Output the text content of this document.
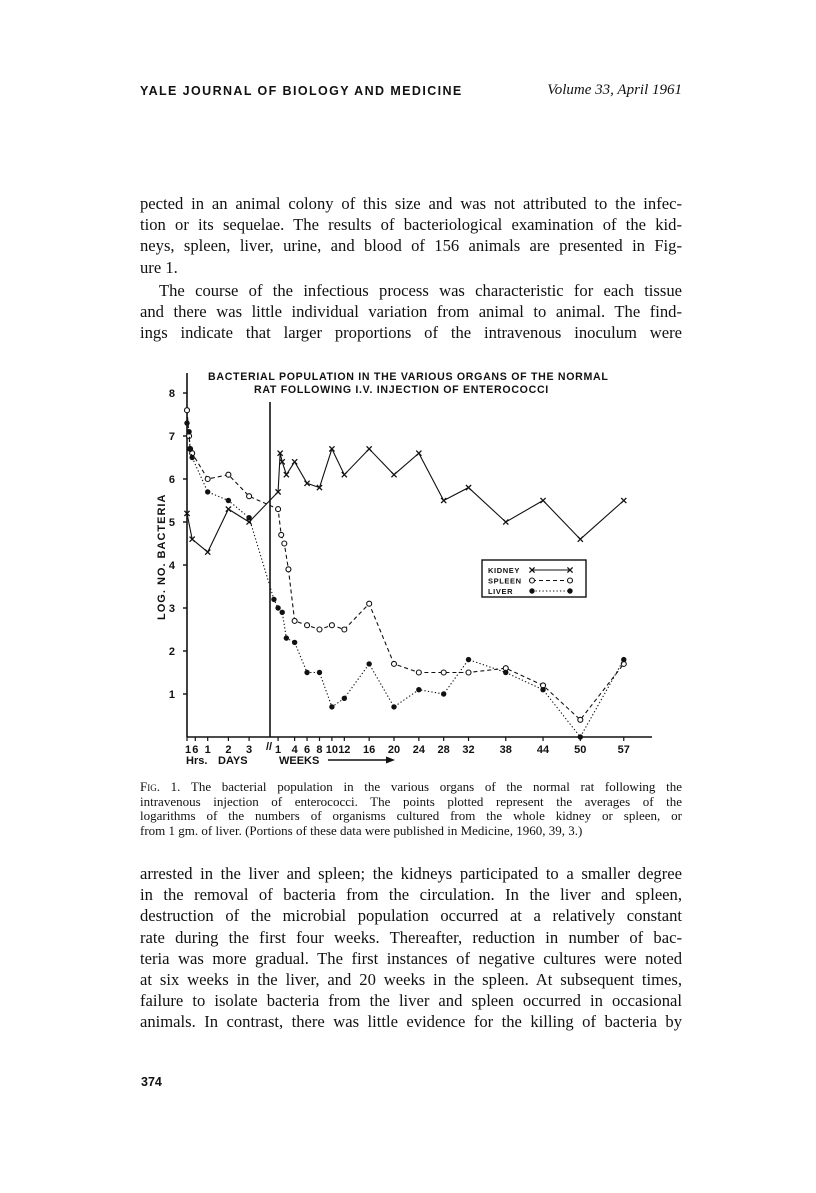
YALE JOURNAL OF BIOLOGY AND MEDICINE	Volume 33, April 1961

pected in an animal colony of this size and was not attributed to the infec-
tion or its sequelae. The results of bacteriological examination of the kid-
neys, spleen, liver, urine, and blood of 156 animals are presented in Fig-
ure 1.

The course of the infectious process was characteristic for each tissue
and there was little individual variation from animal to animal. The find-
ings indicate that larger proportions of the intravenous inoculum were

BACTERIAL POPULATION IN THE VARIOUS ORGANS OF THE NORMAL
RAT FOLLOWING I.V. INJECTION OF ENTEROCOCCI
1
2
3
4
5
6
7
8
1 6 1 2 3 1 4 6 8 10 12 16 20 24 28 32 38 44 50	57
LOG. NO. BACTERIA
Hrs. DAYS	WEEKS
//
KIDNEY
SPLEEN
LIVER

Fig. 1. The bacterial population in the various organs of the normal rat following the
intravenous injection of enterococci. The points plotted represent the averages of the
logarithms of the numbers of organisms cultured from the whole kidney or spleen, or
from 1 gm. of liver. (Portions of these data were published in Medicine, 1960, 39, 3.)

arrested in the liver and spleen; the kidneys participated to a smaller degree
in the removal of bacteria from the circulation. In the liver and spleen,
destruction of the microbial population occurred at a relatively constant
rate during the first four weeks. Thereafter, reduction in number of bac-
teria was more gradual. The first instances of negative cultures were noted
at six weeks in the liver, and 20 weeks in the spleen. At subsequent times,
failure to isolate bacteria from the liver and spleen occurred in occasional
animals. In contrast, there was little evidence for the killing of bacteria by

374
